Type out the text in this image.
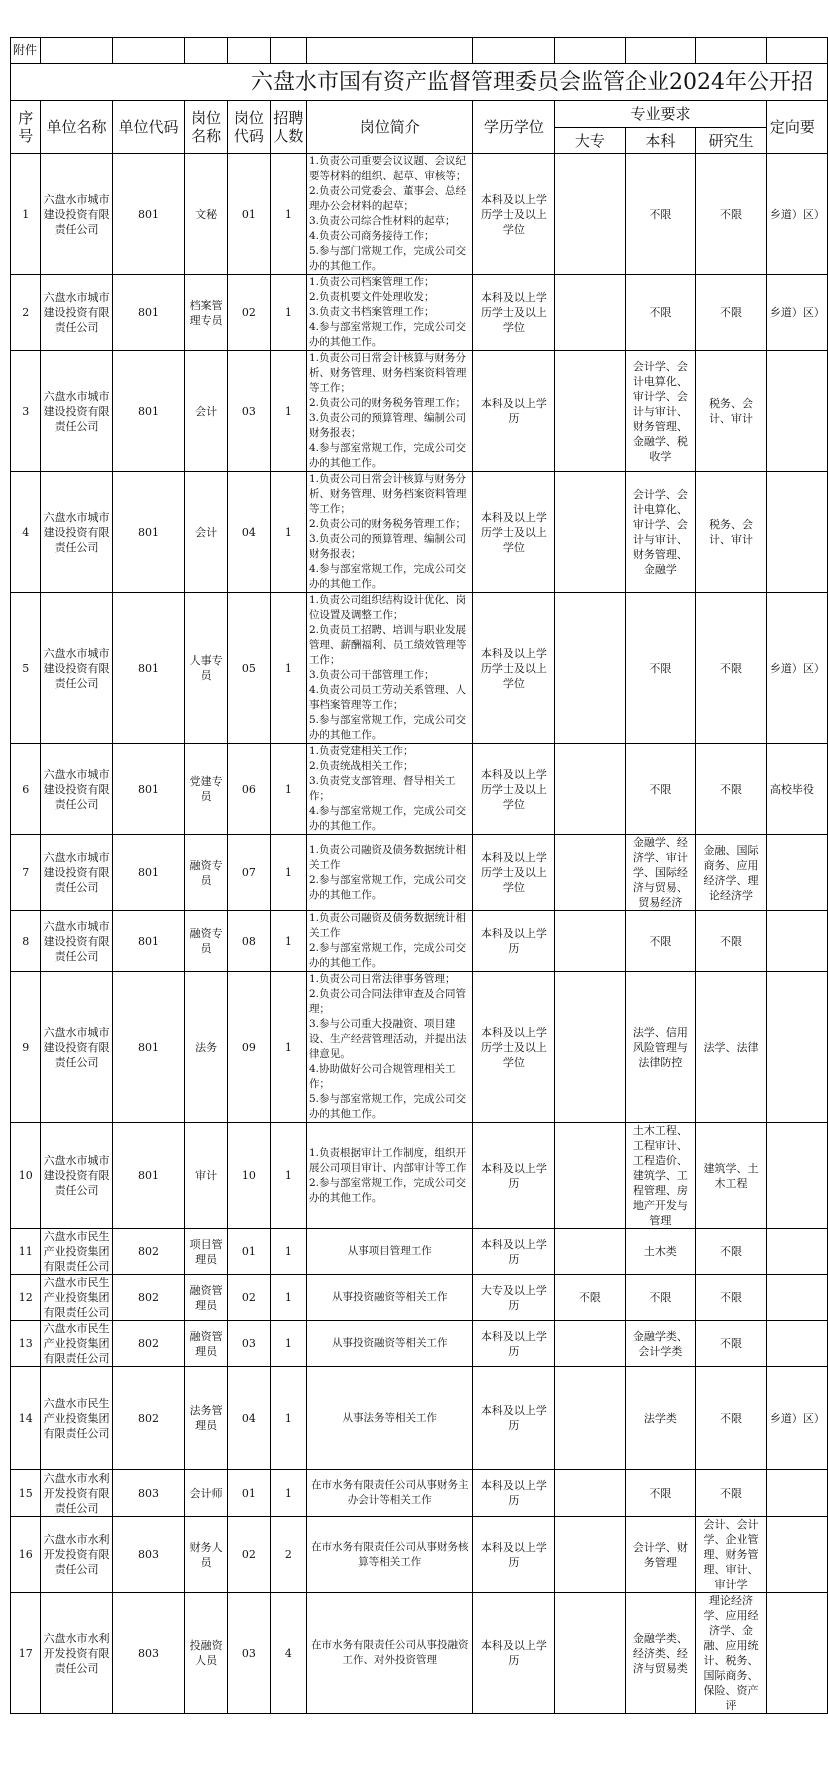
附件											
六盘水市国有资产监督管理委员会监管企业2024年公开招											
序号	单位名称	单位代码	岗位名称	岗位代码	招聘人数	岗位简介	学历学位	专业要求			定向要
								大专	本科	研究生	
1	六盘水市城市建设投资有限责任公司	801	文秘	01	1	1.负责公司重要会议议题、会议纪要等材料的组织、起草、审核等；
2.负责公司党委会、董事会、总经理办公会材料的起草；
3.负责公司综合性材料的起草；
4.负责公司商务接待工作；
5.参与部门常规工作，完成公司交办的其他工作。	本科及以上学历学士及以上学位		不限	不限	乡道）区）
2	六盘水市城市建设投资有限责任公司	801	档案管理专员	02	1	1.负责公司档案管理工作；
2.负责机要文件处理收发；
3.负责文书档案管理工作；
4.参与部室常规工作，完成公司交办的其他工作。	本科及以上学历学士及以上学位		不限	不限	乡道）区）
3	六盘水市城市建设投资有限责任公司	801	会计	03	1	1.负责公司日常会计核算与财务分析、财务管理、财务档案资料管理等工作；
2.负责公司的财务税务管理工作；
3.负责公司的预算管理、编制公司财务报表；
4.参与部室常规工作，完成公司交办的其他工作。	本科及以上学历		会计学、会计电算化、审计学、会计与审计、财务管理、金融学、税收学	税务、会计、审计	
4	六盘水市城市建设投资有限责任公司	801	会计	04	1	1.负责公司日常会计核算与财务分析、财务管理、财务档案资料管理等工作；
2.负责公司的财务税务管理工作；
3.负责公司的预算管理、编制公司财务报表；
4.参与部室常规工作，完成公司交办的其他工作。	本科及以上学历学士及以上学位		会计学、会计电算化、审计学、会计与审计、财务管理、金融学	税务、会计、审计	
5	六盘水市城市建设投资有限责任公司	801	人事专员	05	1	1.负责公司组织结构设计优化、岗位设置及调整工作；
2.负责员工招聘、培训与职业发展管理、薪酬福利、员工绩效管理等工作；
3.负责公司干部管理工作；
4.负责公司员工劳动关系管理、人事档案管理等工作；
5.参与部室常规工作，完成公司交办的其他工作。	本科及以上学历学士及以上学位		不限	不限	乡道）区）
6	六盘水市城市建设投资有限责任公司	801	党建专员	06	1	1.负责党建相关工作；
2.负责统战相关工作；
3.负责党支部管理、督导相关工作；
4.参与部室常规工作，完成公司交办的其他工作。	本科及以上学历学士及以上学位		不限	不限	高校毕役
7	六盘水市城市建设投资有限责任公司	801	融资专员	07	1	1.负责公司融资及债务数据统计相关工作
2.参与部室常规工作，完成公司交办的其他工作。	本科及以上学历学士及以上学位		金融学、经济学、审计学、国际经济与贸易、贸易经济	金融、国际商务、应用经济学、理论经济学	
8	六盘水市城市建设投资有限责任公司	801	融资专员	08	1	1.负责公司融资及债务数据统计相关工作
2.参与部室常规工作，完成公司交办的其他工作。	本科及以上学历		不限	不限	
9	六盘水市城市建设投资有限责任公司	801	法务	09	1	1.负责公司日常法律事务管理；
2.负责公司合同法律审查及合同管理；
3.参与公司重大投融资、项目建设、生产经营管理活动，并提出法律意见。
4.协助做好公司合规管理相关工作；
5.参与部室常规工作，完成公司交办的其他工作。	本科及以上学历学士及以上学位		法学、信用风险管理与法律防控	法学、法律	
10	六盘水市城市建设投资有限责任公司	801	审计	10	1	1.负责根据审计工作制度，组织开展公司项目审计、内部审计等工作
2.参与部室常规工作，完成公司交办的其他工作。	本科及以上学历		土木工程、工程审计、工程造价、建筑学、工程管理、房地产开发与管理	建筑学、土木工程	
11	六盘水市民生产业投资集团有限责任公司	802	项目管理员	01	1	从事项目管理工作	本科及以上学历		土木类	不限	
12	六盘水市民生产业投资集团有限责任公司	802	融资管理员	02	1	从事投资融资等相关工作	大专及以上学历	不限	不限	不限	
13	六盘水市民生产业投资集团有限责任公司	802	融资管理员	03	1	从事投资融资等相关工作	本科及以上学历		金融学类、会计学类	不限	
14	六盘水市民生产业投资集团有限责任公司	802	法务管理员	04	1	从事法务等相关工作	本科及以上学历		法学类	不限	乡道）区）
15	六盘水市水利开发投资有限责任公司	803	会计师	01	1	在市水务有限责任公司从事财务主办会计等相关工作	本科及以上学历		不限	不限	
16	六盘水市水利开发投资有限责任公司	803	财务人员	02	2	在市水务有限责任公司从事财务核算等相关工作	本科及以上学历		会计学、财务管理	会计、会计学、企业管理、财务管理、审计、审计学	
17	六盘水市水利开发投资有限责任公司	803	投融资人员	03	4	在市水务有限责任公司从事投融资工作、对外投资管理	本科及以上学历		金融学类、经济类、经济与贸易类	理论经济学、应用经济学、金融、应用统计、税务、国际商务、保险、资产评	
